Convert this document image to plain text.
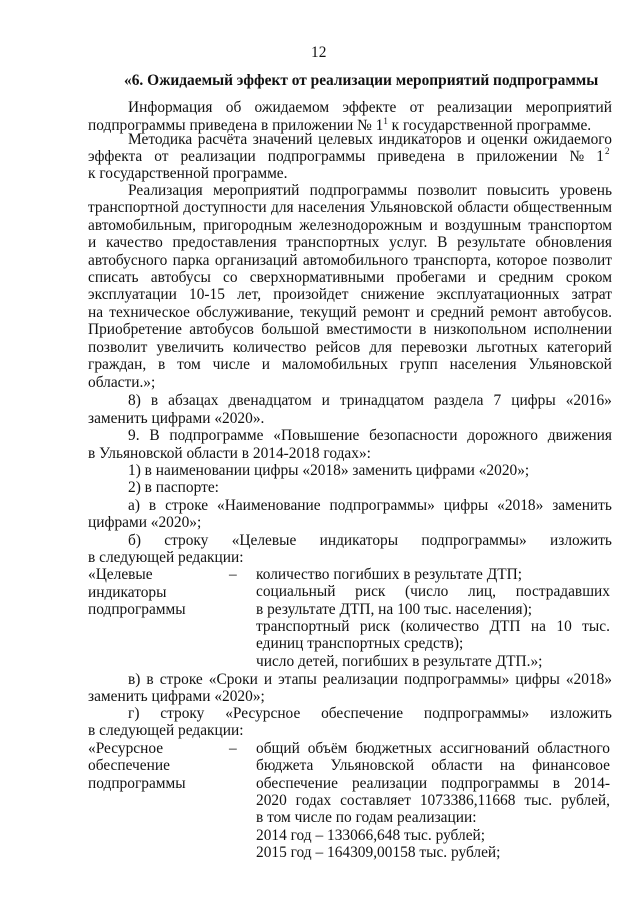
12
«6. Ожидаемый эффект от реализации мероприятий подпрограммы
Информация об ожидаемом эффекте от реализации мероприятий
подпрограммы приведена в приложении № $1^1$ к государственной программе.
Методика расчёта значений целевых индикаторов и оценки ожидаемого
эффекта от реализации подпрограммы приведена в приложении № 1 2
к государственной программе.
Реализация мероприятий подпрограммы позволит повысить уровень
транспортной доступности для населения Ульяновской области общественным
автомобильным, пригородным железнодорожным и воздушным транспортом
и качество предоставления транспортных услуг. В результате обновления
автобусного парка организаций автомобильного транспорта, которое позволит
списать автобусы со сверхнормативными пробегами и средним сроком
эксплуатации 10-15 лет, произойдет снижение эксплуатационных затрат
на техническое обслуживание, текущий ремонт и средний ремонт автобусов.
Приобретение автобусов большой вместимости в низкопольном исполнении
позволит увеличить количество рейсов для перевозки льготных категорий
граждан, в том числе и маломобильных групп населения Ульяновской
области.»;
8) в абзацах двенадцатом и тринадцатом раздела 7 цифры «2016»
заменить цифрами «2020».
9. В подпрограмме «Повышение безопасности дорожного движения
в Ульяновской области в 2014-2018 годах»:
1) в наименовании цифры «2018» заменить цифрами «2020»;
2) в паспорте:
а) в строке «Наименование подпрограммы» цифры «2018» заменить
цифрами «2020»;
б) строку «Целевые индикаторы подпрограммы» изложить
в следующей редакции:
«Целевые
индикаторы
подпрограммы
– количество погибших в результате ДТП;
социальный риск (число лиц, пострадавших
в результате ДТП, на 100 тыс. населения);
транспортный риск (количество ДТП на 10 тыс.
единиц транспортных средств);
число детей, погибших в результате ДТП.»;
в) в строке «Сроки и этапы реализации подпрограммы» цифры «2018»
заменить цифрами «2020»;
г) строку «Ресурсное обеспечение подпрограммы» изложить
в следующей редакции:
«Ресурсное
обеспечение
подпрограммы
– общий объём бюджетных ассигнований областного
бюджета Ульяновской области на финансовое
обеспечение реализации подпрограммы в 2014-
2020 годах составляет 1073386,11668 тыс. рублей,
в том числе по годам реализации:
2014 год – 133066,648 тыс. рублей;
2015 год – 164309,00158 тыс. рублей;
